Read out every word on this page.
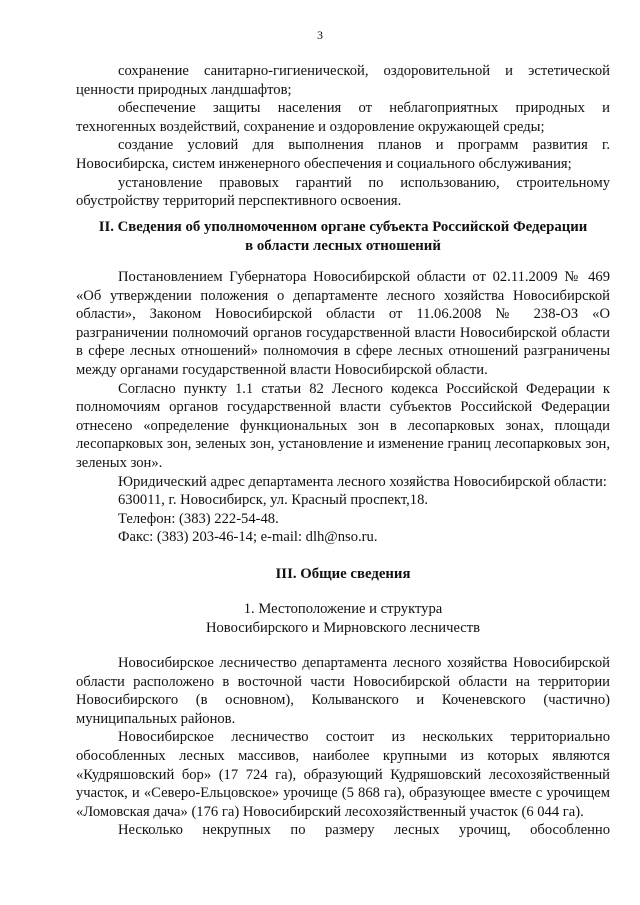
3

сохранение санитарно-гигиенической, оздоровительной и эстетической ценности природных ландшафтов;

обеспечение защиты населения от неблагоприятных природных и техногенных воздействий, сохранение и оздоровление окружающей среды;

создание условий для выполнения планов и программ развития г. Новосибирска, систем инженерного обеспечения и социального обслуживания;

установление правовых гарантий по использованию, строительному обустройству территорий перспективного освоения.

II. Сведения об уполномоченном органе субъекта Российской Федерации

в области лесных отношений

Постановлением Губернатора Новосибирской области от 02.11.2009 № 469 «Об утверждении положения о департаменте лесного хозяйства Новосибирской области», Законом Новосибирской области от 11.06.2008 № 238-ОЗ «О разграничении полномочий органов государственной власти Новосибирской области в сфере лесных отношений» полномочия в сфере лесных отношений разграничены между органами государственной власти Новосибирской области.

Согласно пункту 1.1 статьи 82 Лесного кодекса Российской Федерации к полномочиям органов государственной власти субъектов Российской Федерации отнесено «определение функциональных зон в лесопарковых зонах, площади лесопарковых зон, зеленых зон, установление и изменение границ лесопарковых зон, зеленых зон».

Юридический адрес департамента лесного хозяйства Новосибирской области:

630011, г. Новосибирск, ул. Красный проспект,18.

Телефон: (383) 222-54-48.

Факс: (383) 203-46-14; e-mail: dlh@nso.ru.

III. Общие сведения

1. Местоположение и структура

Новосибирского и Мирновского лесничеств

Новосибирское лесничество департамента лесного хозяйства Новосибирской области расположено в восточной части Новосибирской области на территории Новосибирского (в основном), Колыванского и Коченевского (частично) муниципальных районов.

Новосибирское лесничество состоит из нескольких территориально обособленных лесных массивов, наиболее крупными из которых являются «Кудряшовский бор» (17 724 га), образующий Кудряшовский лесохозяйственный участок, и «Северо-Ельцовское» урочище (5 868 га), образующее вместе с урочищем «Ломовская дача» (176 га) Новосибирский лесохозяйственный участок (6 044 га).

Несколько некрупных по размеру лесных урочищ, обособленно
